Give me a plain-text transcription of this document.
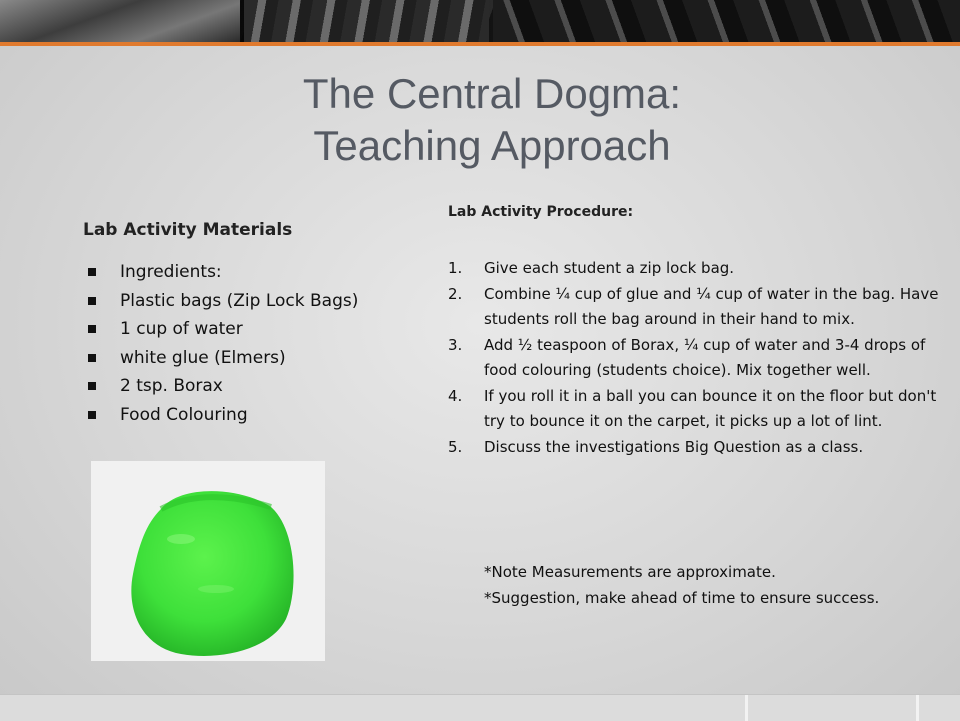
The Central Dogma:
Teaching Approach
Lab Activity Materials
Ingredients:
Plastic bags (Zip Lock Bags)
1 cup of water
white glue (Elmers)
2 tsp. Borax
Food Colouring
Lab Activity Procedure:
1. Give each student a zip lock bag.
2. Combine ¼ cup of glue and ¼ cup of water in the bag. Have students roll the bag around in their hand to mix.
3. Add ½ teaspoon of Borax, ¼ cup of water and 3-4 drops of food colouring (students choice). Mix together well.
4. If you roll it in a ball you can bounce it on the floor but don't try to bounce it on the carpet, it picks up a lot of lint.
5. Discuss the investigations Big Question as a class.
*Note Measurements are approximate.
*Suggestion, make ahead of time to ensure success.
